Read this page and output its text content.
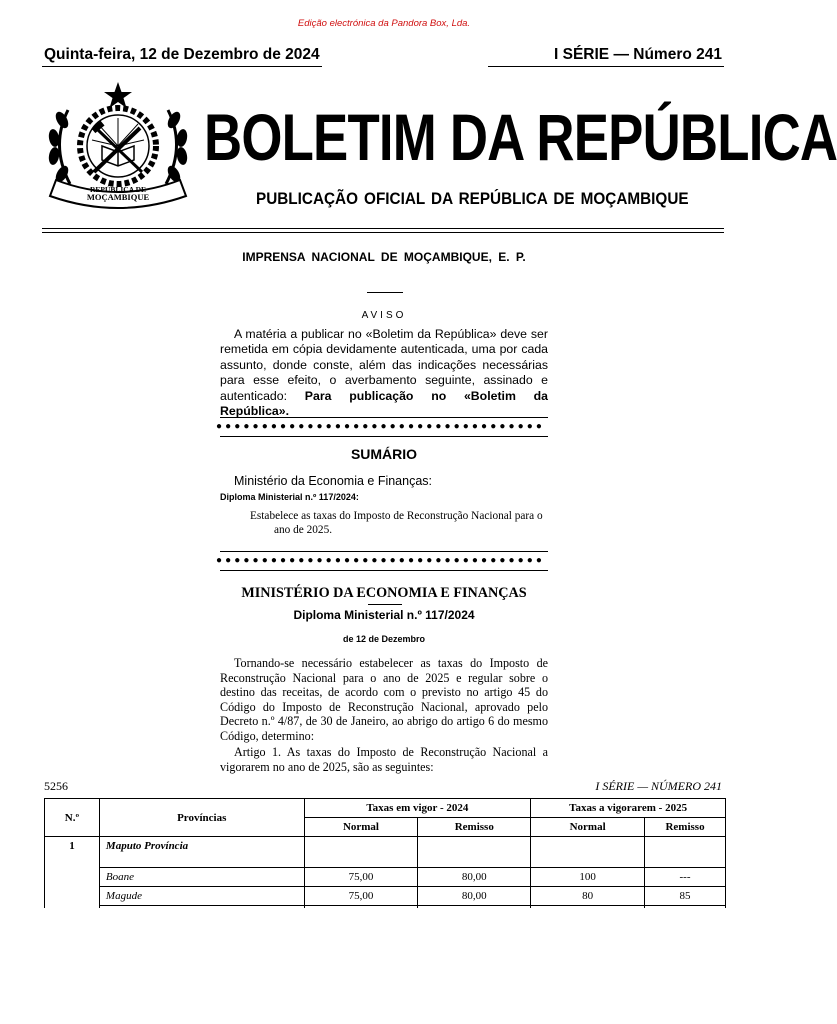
Edição electrónica da Pandora Box, Lda.
Quinta-feira, 12 de Dezembro de 2024	I SÉRIE — Número 241
REPÚBLICA DE
MOÇAMBIQUE
BOLETIM DA REPÚBLICA
PUBLICAÇÃO OFICIAL DA REPÚBLICA DE MOÇAMBIQUE
IMPRENSA NACIONAL DE MOÇAMBIQUE, E. P.
AVISO
A matéria a publicar no «Boletim da República» deve ser remetida em cópia devidamente autenticada, uma por cada assunto, donde conste, além das indicações necessárias para esse efeito, o averbamento seguinte, assinado e autenticado: Para publicação no «Boletim da República».
●●●●●●●●●●●●●●●●●●●●●●●●●●●●●●●●●●●●
SUMÁRIO
Ministério da Economia e Finanças:
Diploma Ministerial n.º 117/2024:
Estabelece as taxas do Imposto de Reconstrução Nacional para o
ano de 2025.
●●●●●●●●●●●●●●●●●●●●●●●●●●●●●●●●●●●●
MINISTÉRIO DA ECONOMIA E FINANÇAS
Diploma Ministerial n.º 117/2024
de 12 de Dezembro
Tornando-se necessário estabelecer as taxas do Imposto de Reconstrução Nacional para o ano de 2025 e regular sobre o destino das receitas, de acordo com o previsto no artigo 45 do Código do Imposto de Reconstrução Nacional, aprovado pelo Decreto n.º 4/87, de 30 de Janeiro, ao abrigo do artigo 6 do mesmo Código, determino:
Artigo 1. As taxas do Imposto de Reconstrução Nacional a vigorarem no ano de 2025, são as seguintes:
5256	I SÉRIE — NÚMERO 241
N.º	Províncias	Taxas em vigor - 2024		Taxas a vigorarem - 2025	
		Normal	Remisso	Normal	Remisso
1	Maputo Província				
	Boane	75,00	80,00	100	---
	Magude	75,00	80,00	80	85
